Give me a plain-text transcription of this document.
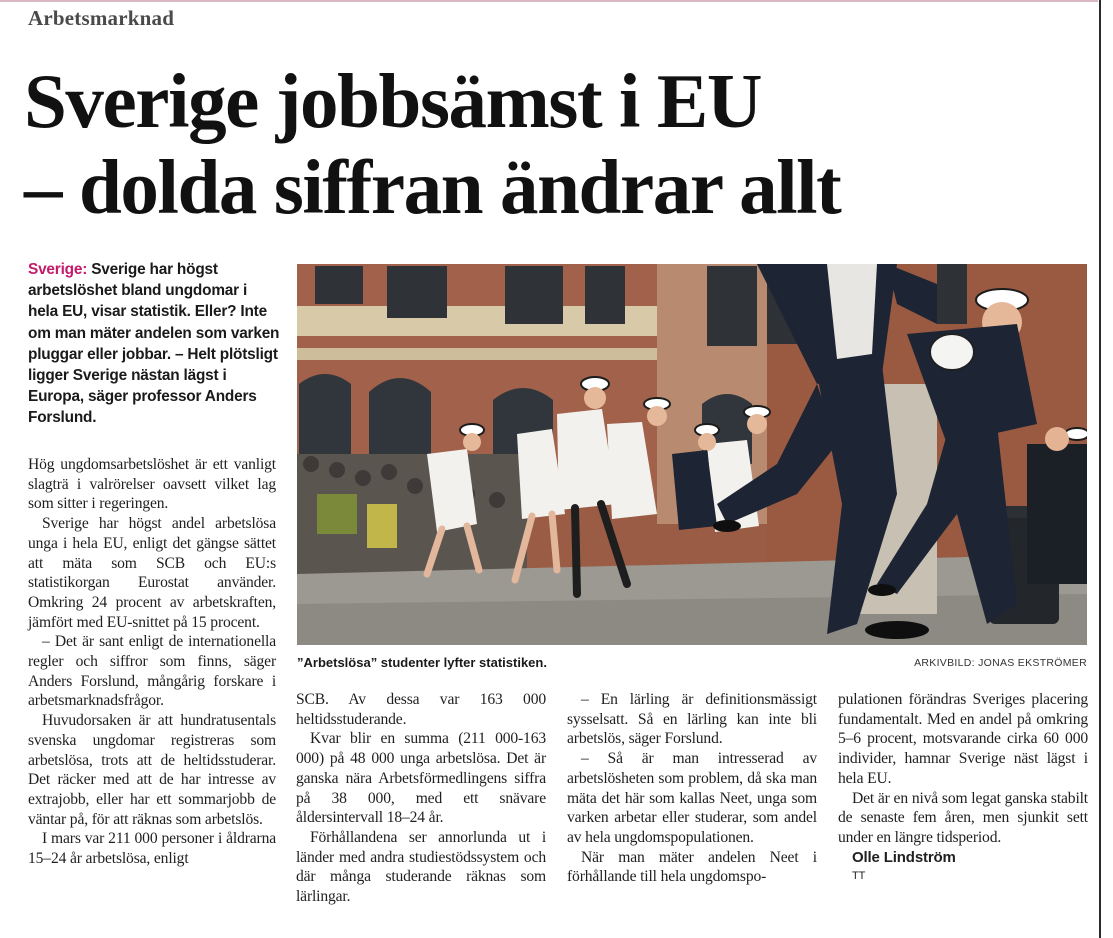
Arbetsmarknad
Sverige jobbsämst i EU
– dolda siffran ändrar allt
Sverige: Sverige har högst arbetslöshet bland ungdomar i hela EU, visar statistik. Eller? Inte om man mäter andelen som varken pluggar eller jobbar. – Helt plötsligt ligger Sverige nästan lägst i Europa, säger professor Anders Forslund.
”Arbetslösa” studenter lyfter statistiken.	ARKIVBILD: JONAS EKSTRÖMER

Hög ungdomsarbetslöshet är ett vanligt slagträ i valrörelser oavsett vilket lag som sitter i regeringen.

Sverige har högst andel arbetslösa unga i hela EU, enligt det gängse sättet att mäta som SCB och EU:s statistikorgan Eurostat använder. Omkring 24 procent av arbetskraften, jämfört med EU-snittet på 15 procent.

– Det är sant enligt de internationella regler och siffror som finns, säger Anders Forslund, mångårig forskare i arbetsmarknadsfrågor.

Huvudorsaken är att hundratusentals svenska ungdomar registreras som arbetslösa, trots att de heltidsstuderar. Det räcker med att de har intresse av extrajobb, eller har ett sommarjobb de väntar på, för att räknas som arbetslös.

I mars var 211 000 personer i åldrarna 15–24 år arbetslösa, enligt

SCB. Av dessa var 163 000 heltidsstuderande.

Kvar blir en summa (211 000-163 000) på 48 000 unga arbetslösa. Det är ganska nära Arbetsförmedlingens siffra på 38 000, med ett snävare åldersintervall 18–24 år.

Förhållandena ser annorlunda ut i länder med andra studiestödssystem och där många studerande räknas som lärlingar.

– En lärling är definitionsmässigt sysselsatt. Så en lärling kan inte bli arbetslös, säger Forslund.

– Så är man intresserad av arbetslösheten som problem, då ska man mäta det här som kallas Neet, unga som varken arbetar eller studerar, som andel av hela ungdomspopulationen.

När man mäter andelen Neet i förhållande till hela ungdomspo-

pulationen förändras Sveriges placering fundamentalt. Med en andel på omkring 5–6 procent, motsvarande cirka 60 000 individer, hamnar Sverige näst lägst i hela EU.

Det är en nivå som legat ganska stabilt de senaste fem åren, men sjunkit sett under en längre tidsperiod.

Olle Lindström

TT
